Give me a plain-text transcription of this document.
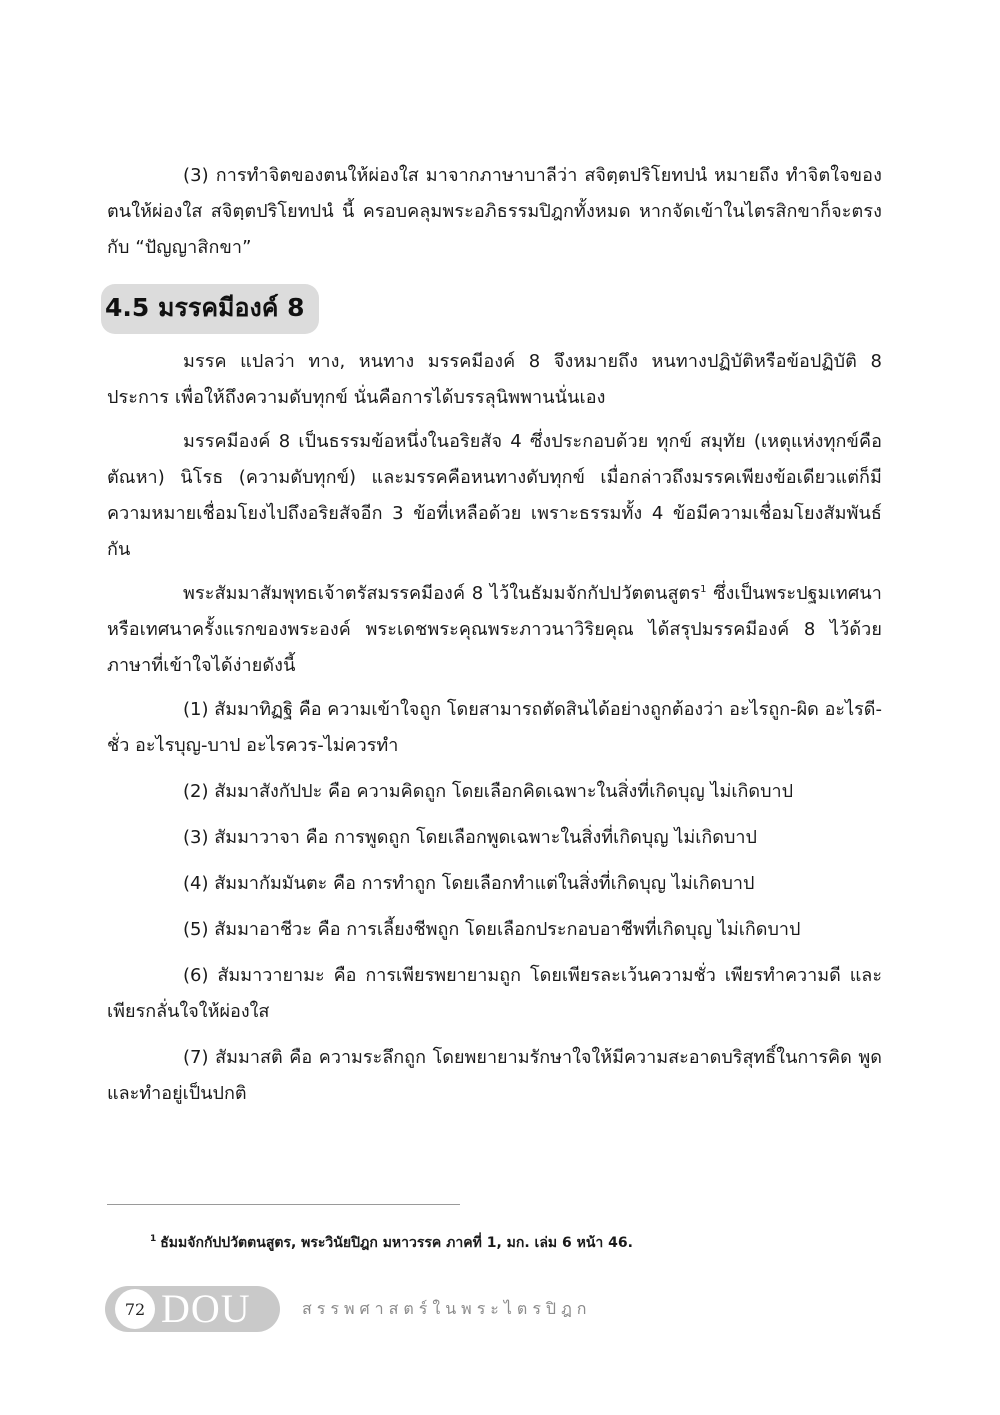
(3) การทำจิตของตนให้ผ่องใส มาจากภาษาบาลีว่า สจิตฺตปริโยทปนํ หมายถึง ทำจิตใจของตนให้ผ่องใส สจิตฺตปริโยทปนํ นี้ ครอบคลุมพระอภิธรรมปิฎกทั้งหมด หากจัดเข้าในไตรสิกขาก็จะตรงกับ “ปัญญาสิกขา”

4.5 มรรคมีองค์ 8

มรรค แปลว่า ทาง, หนทาง มรรคมีองค์ 8 จึงหมายถึง หนทางปฏิบัติหรือข้อปฏิบัติ 8 ประการ เพื่อให้ถึงความดับทุกข์ นั่นคือการได้บรรลุนิพพานนั่นเอง

มรรคมีองค์ 8 เป็นธรรมข้อหนึ่งในอริยสัจ 4 ซึ่งประกอบด้วย ทุกข์ สมุทัย (เหตุแห่งทุกข์คือตัณหา) นิโรธ (ความดับทุกข์) และมรรคคือหนทางดับทุกข์ เมื่อกล่าวถึงมรรคเพียงข้อเดียวแต่ก็มีความหมายเชื่อมโยงไปถึงอริยสัจอีก 3 ข้อที่เหลือด้วย เพราะธรรมทั้ง 4 ข้อมีความเชื่อมโยงสัมพันธ์กัน

พระสัมมาสัมพุทธเจ้าตรัสมรรคมีองค์ 8 ไว้ในธัมมจักกัปปวัตตนสูตร$^1$ ซึ่งเป็นพระปฐมเทศนาหรือเทศนาครั้งแรกของพระองค์ พระเดชพระคุณพระภาวนาวิริยคุณ ได้สรุปมรรคมีองค์ 8 ไว้ด้วยภาษาที่เข้าใจได้ง่ายดังนี้

(1) สัมมาทิฏฐิ คือ ความเข้าใจถูก โดยสามารถตัดสินได้อย่างถูกต้องว่า อะไรถูก-ผิด อะไรดี-ชั่ว อะไรบุญ-บาป อะไรควร-ไม่ควรทำ

(2) สัมมาสังกัปปะ คือ ความคิดถูก โดยเลือกคิดเฉพาะในสิ่งที่เกิดบุญ ไม่เกิดบาป

(3) สัมมาวาจา คือ การพูดถูก โดยเลือกพูดเฉพาะในสิ่งที่เกิดบุญ ไม่เกิดบาป

(4) สัมมากัมมันตะ คือ การทำถูก โดยเลือกทำแต่ในสิ่งที่เกิดบุญ ไม่เกิดบาป

(5) สัมมาอาชีวะ คือ การเลี้ยงชีพถูก โดยเลือกประกอบอาชีพที่เกิดบุญ ไม่เกิดบาป

(6) สัมมาวายามะ คือ การเพียรพยายามถูก โดยเพียรละเว้นความชั่ว เพียรทำความดี และเพียรกลั่นใจให้ผ่องใส

(7) สัมมาสติ คือ ความระลึกถูก โดยพยายามรักษาใจให้มีความสะอาดบริสุทธิ์ในการคิด พูด และทำอยู่เป็นปกติ

$^1$ ธัมมจักกัปปวัตตนสูตร, พระวินัยปิฎก มหาวรรค ภาคที่ 1, มก. เล่ม 6 หน้า 46.
72 DOU	สรรพศาสตร์ในพระไตรปิฎก
